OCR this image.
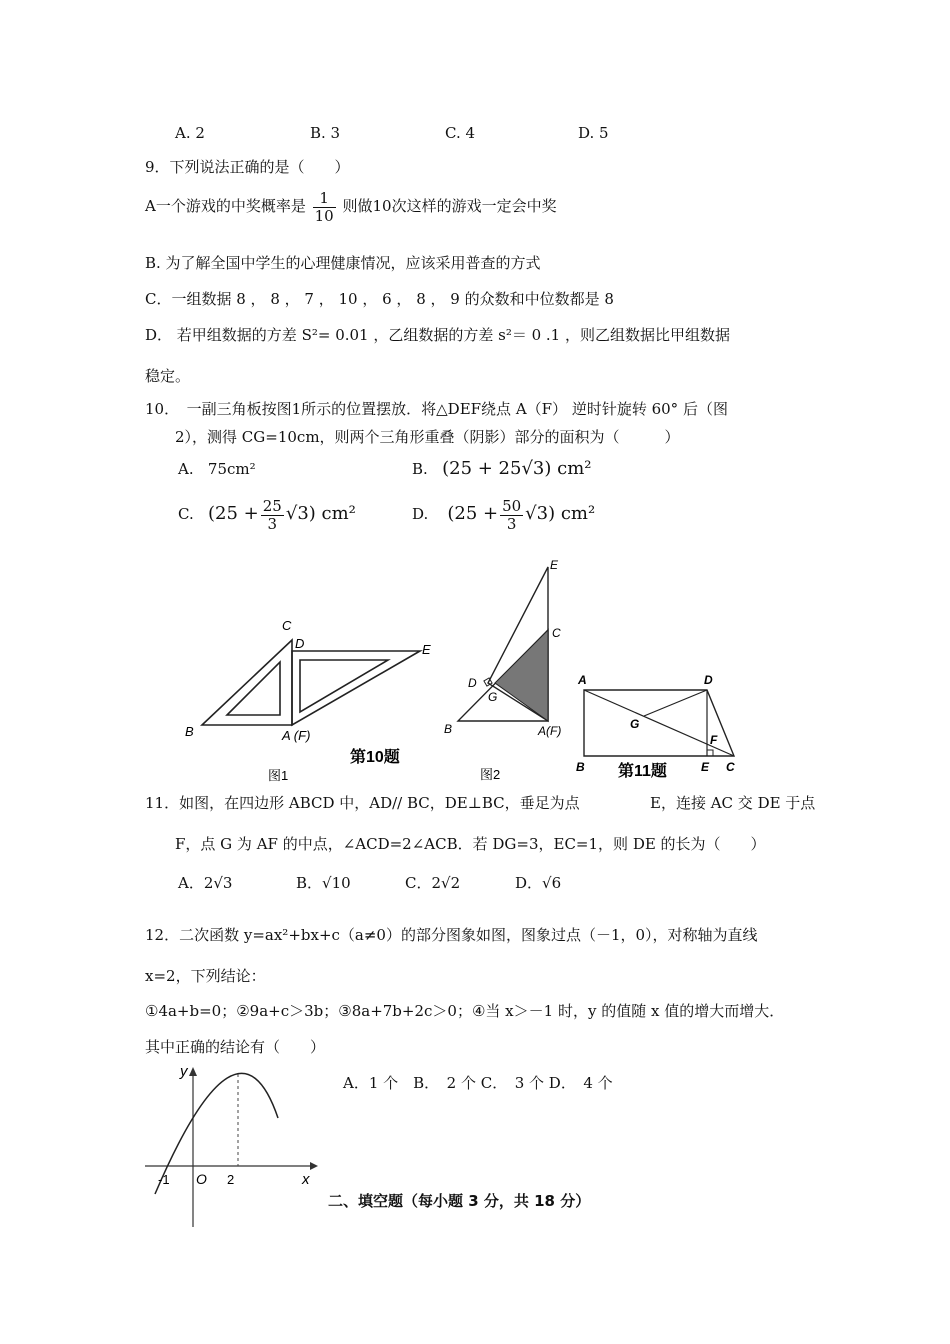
A. 2	B. 3	C. 4	D. 5
9．下列说法正确的是（　　）
A一个游戏的中奖概率是 $\frac{1}{10}$ 则做10次这样的游戏一定会中奖
B. 为了解全国中学生的心理健康情况，应该采用普查的方式
C．一组数据 8 ， 8 ， 7 ， 10 ， 6 ， 8 ， 9 的众数和中位数都是 8
D． 若甲组数据的方差 S²= 0.01 ，乙组数据的方差 s²＝ 0 .1 ，则乙组数据比甲组数据
稳定。
10．　一副三角板按图1所示的位置摆放．将△DEF绕点 A（F） 逆时针旋转 60° 后（图
2），测得 CG=10cm，则两个三角形重叠（阴影）部分的面积为（　　　）
A. 75cm²	B. (25 + 25√3) cm²
C. $(25 + \frac{25}{3} √3)$ cm²	D. $(25 + \frac{50}{3} √3)$ cm²
C
D	E
B	A (F)
第10题
图1
E
C
D
G
B	A(F)
图2
A	D
G
F
B	E C
第11题
11．如图，在四边形 ABCD 中，AD// BC，DE⊥BC，垂足为点	E，连接 AC 交 DE 于点
F，点 G 为 AF 的中点，∠ACD=2∠ACB．若 DG=3，EC=1，则 DE 的长为（　　）
A．2√3	B．√10	C．2√2	D．√6
12．二次函数 y=ax²+bx+c（a≠0）的部分图象如图，图象过点（－1，0），对称轴为直线
x=2，下列结论：
①4a+b=0；②9a+c＞3b；③8a+7b+2c＞0；④当 x＞－1 时，y 的值随 x 值的增大而增大．
其中正确的结论有（　　）
A．1 个　B．　2 个 C．　3 个 D．　4 个
y
-1 O 2	x
二、填空题（每小题 3 分，共 18 分）
